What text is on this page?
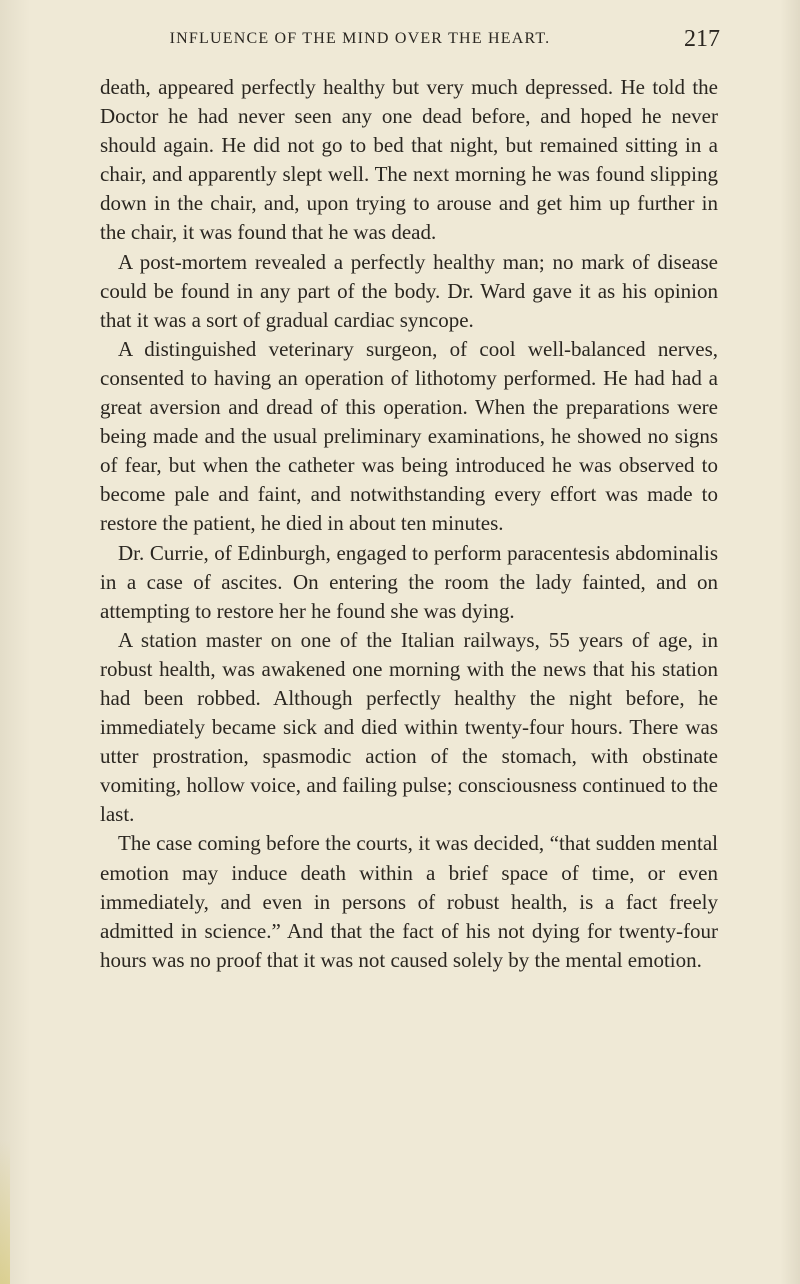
INFLUENCE OF THE MIND OVER THE HEART.	217

death, appeared perfectly healthy but very much depressed. He told the Doctor he had never seen any one dead before, and hoped he never should again. He did not go to bed that night, but remained sitting in a chair, and apparently slept well. The next morning he was found slipping down in the chair, and, upon trying to arouse and get him up further in the chair, it was found that he was dead.

A post-mortem revealed a perfectly healthy man; no mark of disease could be found in any part of the body. Dr. Ward gave it as his opinion that it was a sort of gradual cardiac syncope.

A distinguished veterinary surgeon, of cool well-balanced nerves, consented to having an operation of lithotomy performed. He had had a great aversion and dread of this operation. When the preparations were being made and the usual preliminary examinations, he showed no signs of fear, but when the catheter was being introduced he was observed to become pale and faint, and notwithstanding every effort was made to restore the patient, he died in about ten minutes.

Dr. Currie, of Edinburgh, engaged to perform paracentesis abdominalis in a case of ascites. On entering the room the lady fainted, and on attempting to restore her he found she was dying.

A station master on one of the Italian railways, 55 years of age, in robust health, was awakened one morning with the news that his station had been robbed. Although perfectly healthy the night before, he immediately became sick and died within twenty-four hours. There was utter prostration, spasmodic action of the stomach, with obstinate vomiting, hollow voice, and failing pulse; consciousness continued to the last.

The case coming before the courts, it was decided, “that sudden mental emotion may induce death within a brief space of time, or even immediately, and even in persons of robust health, is a fact freely admitted in science.” And that the fact of his not dying for twenty-four hours was no proof that it was not caused solely by the mental emotion.
